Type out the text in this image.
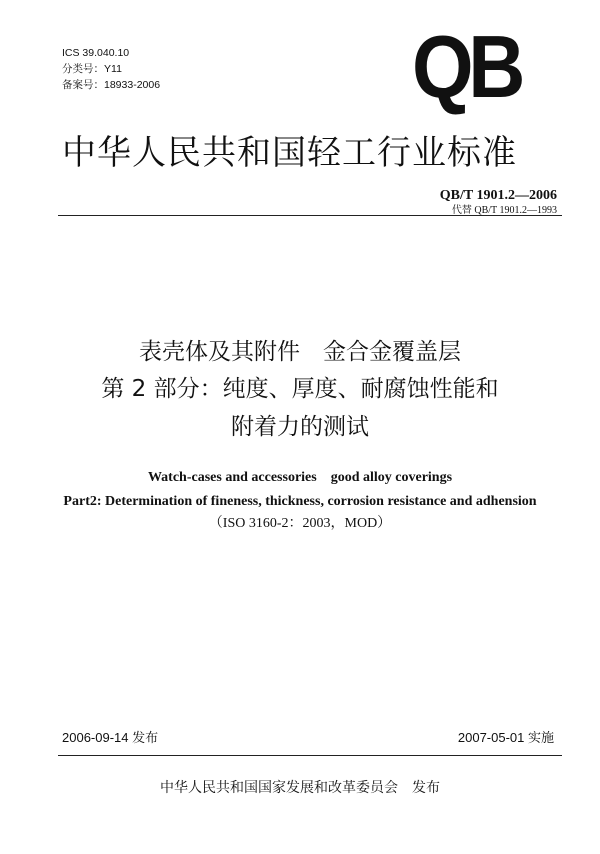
ICS 39.040.10
分类号：Y11
备案号：18933-2006	QB
中华人民共和国轻工行业标准
QB/T 1901.2—2006
代替 QB/T 1901.2—1993
表壳体及其附件　金合金覆盖层
第 2 部分：纯度、厚度、耐腐蚀性能和
附着力的测试
Watch-cases and accessories　good alloy coverings
Part2: Determination of fineness, thickness, corrosion resistance and adhension
（ISO 3160-2：2003，MOD）
2006-09-14 发布	2007-05-01 实施
中华人民共和国国家发展和改革委员会　发布
